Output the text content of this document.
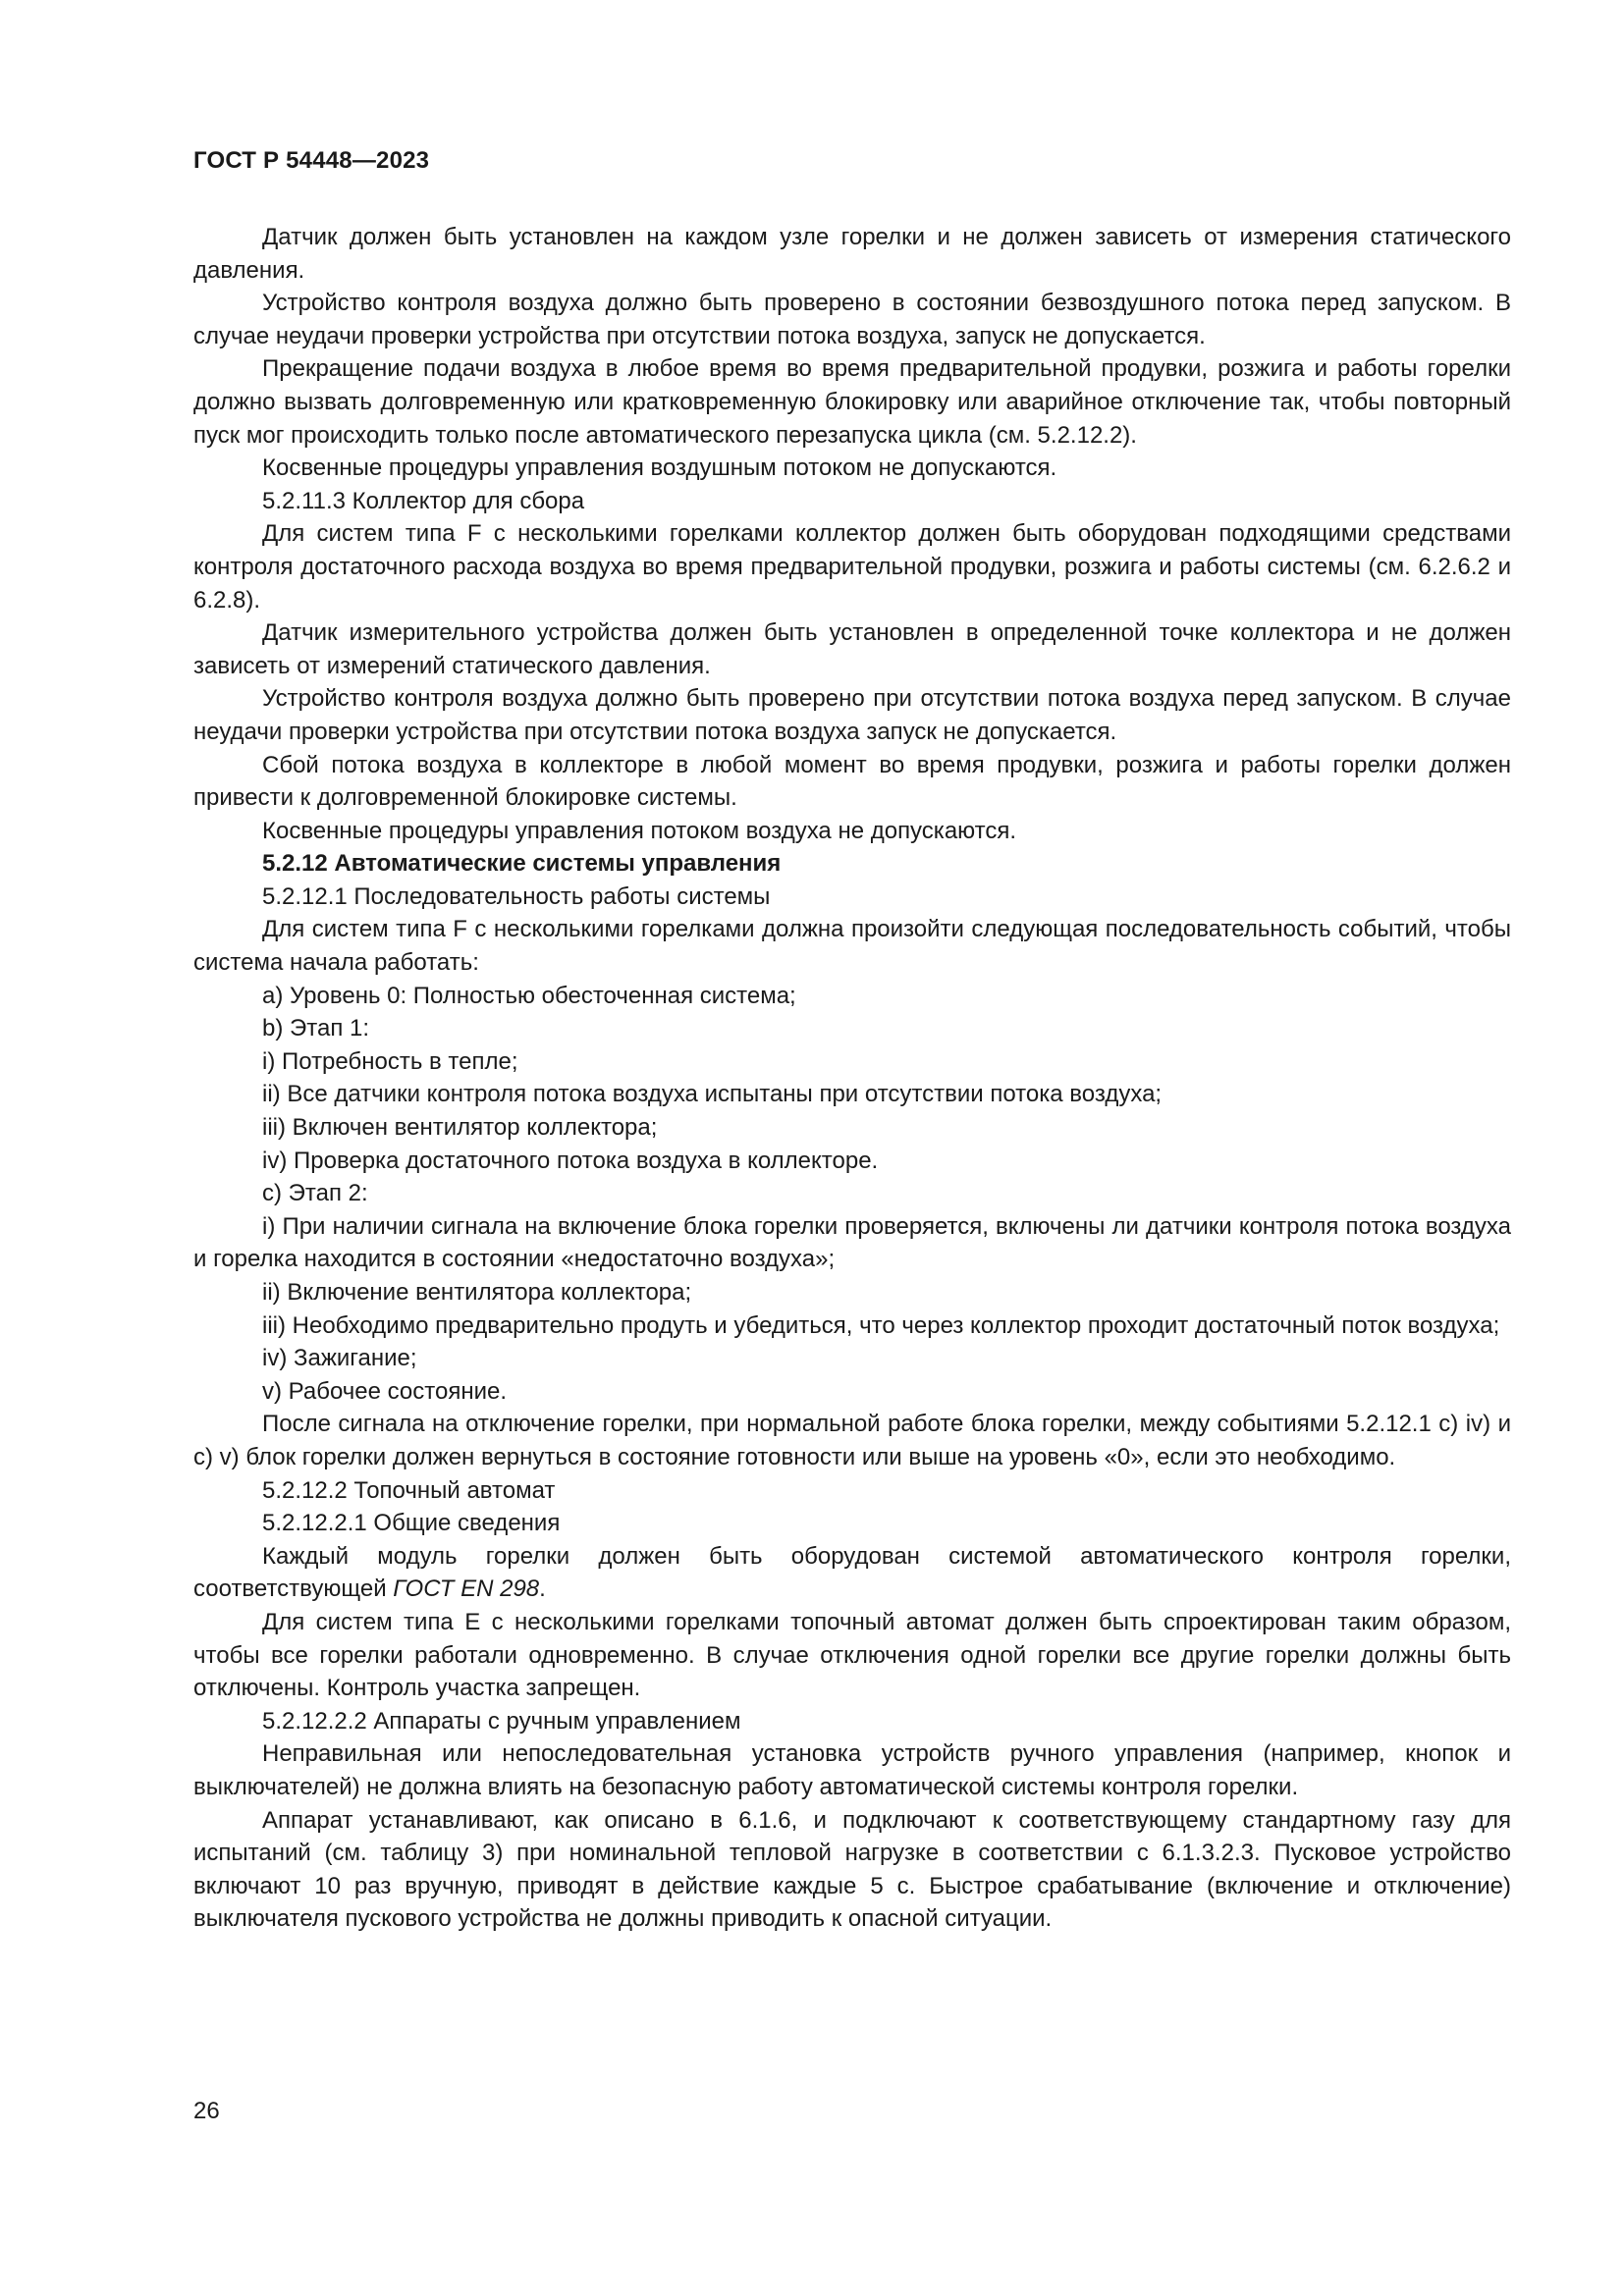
ГОСТ Р 54448—2023

Датчик должен быть установлен на каждом узле горелки и не должен зависеть от измерения статического давления.

Устройство контроля воздуха должно быть проверено в состоянии безвоздушного потока перед запуском. В случае неудачи проверки устройства при отсутствии потока воздуха, запуск не допускается.

Прекращение подачи воздуха в любое время во время предварительной продувки, розжига и работы горелки должно вызвать долговременную или кратковременную блокировку или аварийное отключение так, чтобы повторный пуск мог происходить только после автоматического перезапуска цикла (см. 5.2.12.2).

Косвенные процедуры управления воздушным потоком не допускаются.

5.2.11.3 Коллектор для сбора

Для систем типа F с несколькими горелками коллектор должен быть оборудован подходящими средствами контроля достаточного расхода воздуха во время предварительной продувки, розжига и работы системы (см. 6.2.6.2 и 6.2.8).

Датчик измерительного устройства должен быть установлен в определенной точке коллектора и не должен зависеть от измерений статического давления.

Устройство контроля воздуха должно быть проверено при отсутствии потока воздуха перед запуском. В случае неудачи проверки устройства при отсутствии потока воздуха запуск не допускается.

Сбой потока воздуха в коллекторе в любой момент во время продувки, розжига и работы горелки должен привести к долговременной блокировке системы.

Косвенные процедуры управления потоком воздуха не допускаются.

5.2.12 Автоматические системы управления

5.2.12.1 Последовательность работы системы

Для систем типа F с несколькими горелками должна произойти следующая последовательность событий, чтобы система начала работать:

a) Уровень 0: Полностью обесточенная система;

b) Этап 1:

i) Потребность в тепле;

ii) Все датчики контроля потока воздуха испытаны при отсутствии потока воздуха;

iii) Включен вентилятор коллектора;

iv) Проверка достаточного потока воздуха в коллекторе.

c) Этап 2:

i) При наличии сигнала на включение блока горелки проверяется, включены ли датчики контроля потока воздуха и горелка находится в состоянии «недостаточно воздуха»;

ii) Включение вентилятора коллектора;

iii) Необходимо предварительно продуть и убедиться, что через коллектор проходит достаточный поток воздуха;

iv) Зажигание;

v) Рабочее состояние.

После сигнала на отключение горелки, при нормальной работе блока горелки, между событиями 5.2.12.1 c) iv) и c) v) блок горелки должен вернуться в состояние готовности или выше на уровень «0», если это необходимо.

5.2.12.2 Топочный автомат

5.2.12.2.1 Общие сведения

Каждый модуль горелки должен быть оборудован системой автоматического контроля горелки, соответствующей ГОСТ EN 298.

Для систем типа E с несколькими горелками топочный автомат должен быть спроектирован таким образом, чтобы все горелки работали одновременно. В случае отключения одной горелки все другие горелки должны быть отключены. Контроль участка запрещен.

5.2.12.2.2 Аппараты с ручным управлением

Неправильная или непоследовательная установка устройств ручного управления (например, кнопок и выключателей) не должна влиять на безопасную работу автоматической системы контроля горелки.

Аппарат устанавливают, как описано в 6.1.6, и подключают к соответствующему стандартному газу для испытаний (см. таблицу 3) при номинальной тепловой нагрузке в соответствии с 6.1.3.2.3. Пусковое устройство включают 10 раз вручную, приводят в действие каждые 5 с. Быстрое срабатывание (включение и отключение) выключателя пускового устройства не должны приводить к опасной ситуации.

26
